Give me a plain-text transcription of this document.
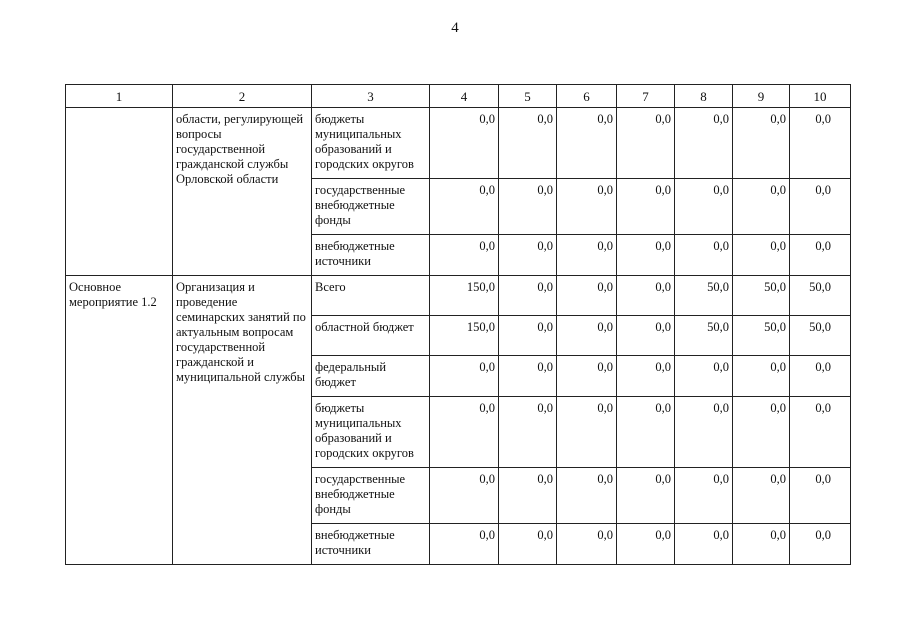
4
1	2	3	4	5	6	7	8	9	10
	области, регулирующей вопросы государственной гражданской службы Орловской области	бюджеты муниципальных образований и городских округов	0,0	0,0	0,0	0,0	0,0	0,0	0,0
		государственные внебюджетные фонды	0,0	0,0	0,0	0,0	0,0	0,0	0,0
		внебюджетные источники	0,0	0,0	0,0	0,0	0,0	0,0	0,0
Основное мероприятие 1.2	Организация и проведение семинарских занятий по актуальным вопросам государственной гражданской и муниципальной службы	Всего	150,0	0,0	0,0	0,0	50,0	50,0	50,0
		областной бюджет	150,0	0,0	0,0	0,0	50,0	50,0	50,0
		федеральный бюджет	0,0	0,0	0,0	0,0	0,0	0,0	0,0
		бюджеты муниципальных образований и городских округов	0,0	0,0	0,0	0,0	0,0	0,0	0,0
		государственные внебюджетные фонды	0,0	0,0	0,0	0,0	0,0	0,0	0,0
		внебюджетные источники	0,0	0,0	0,0	0,0	0,0	0,0	0,0
